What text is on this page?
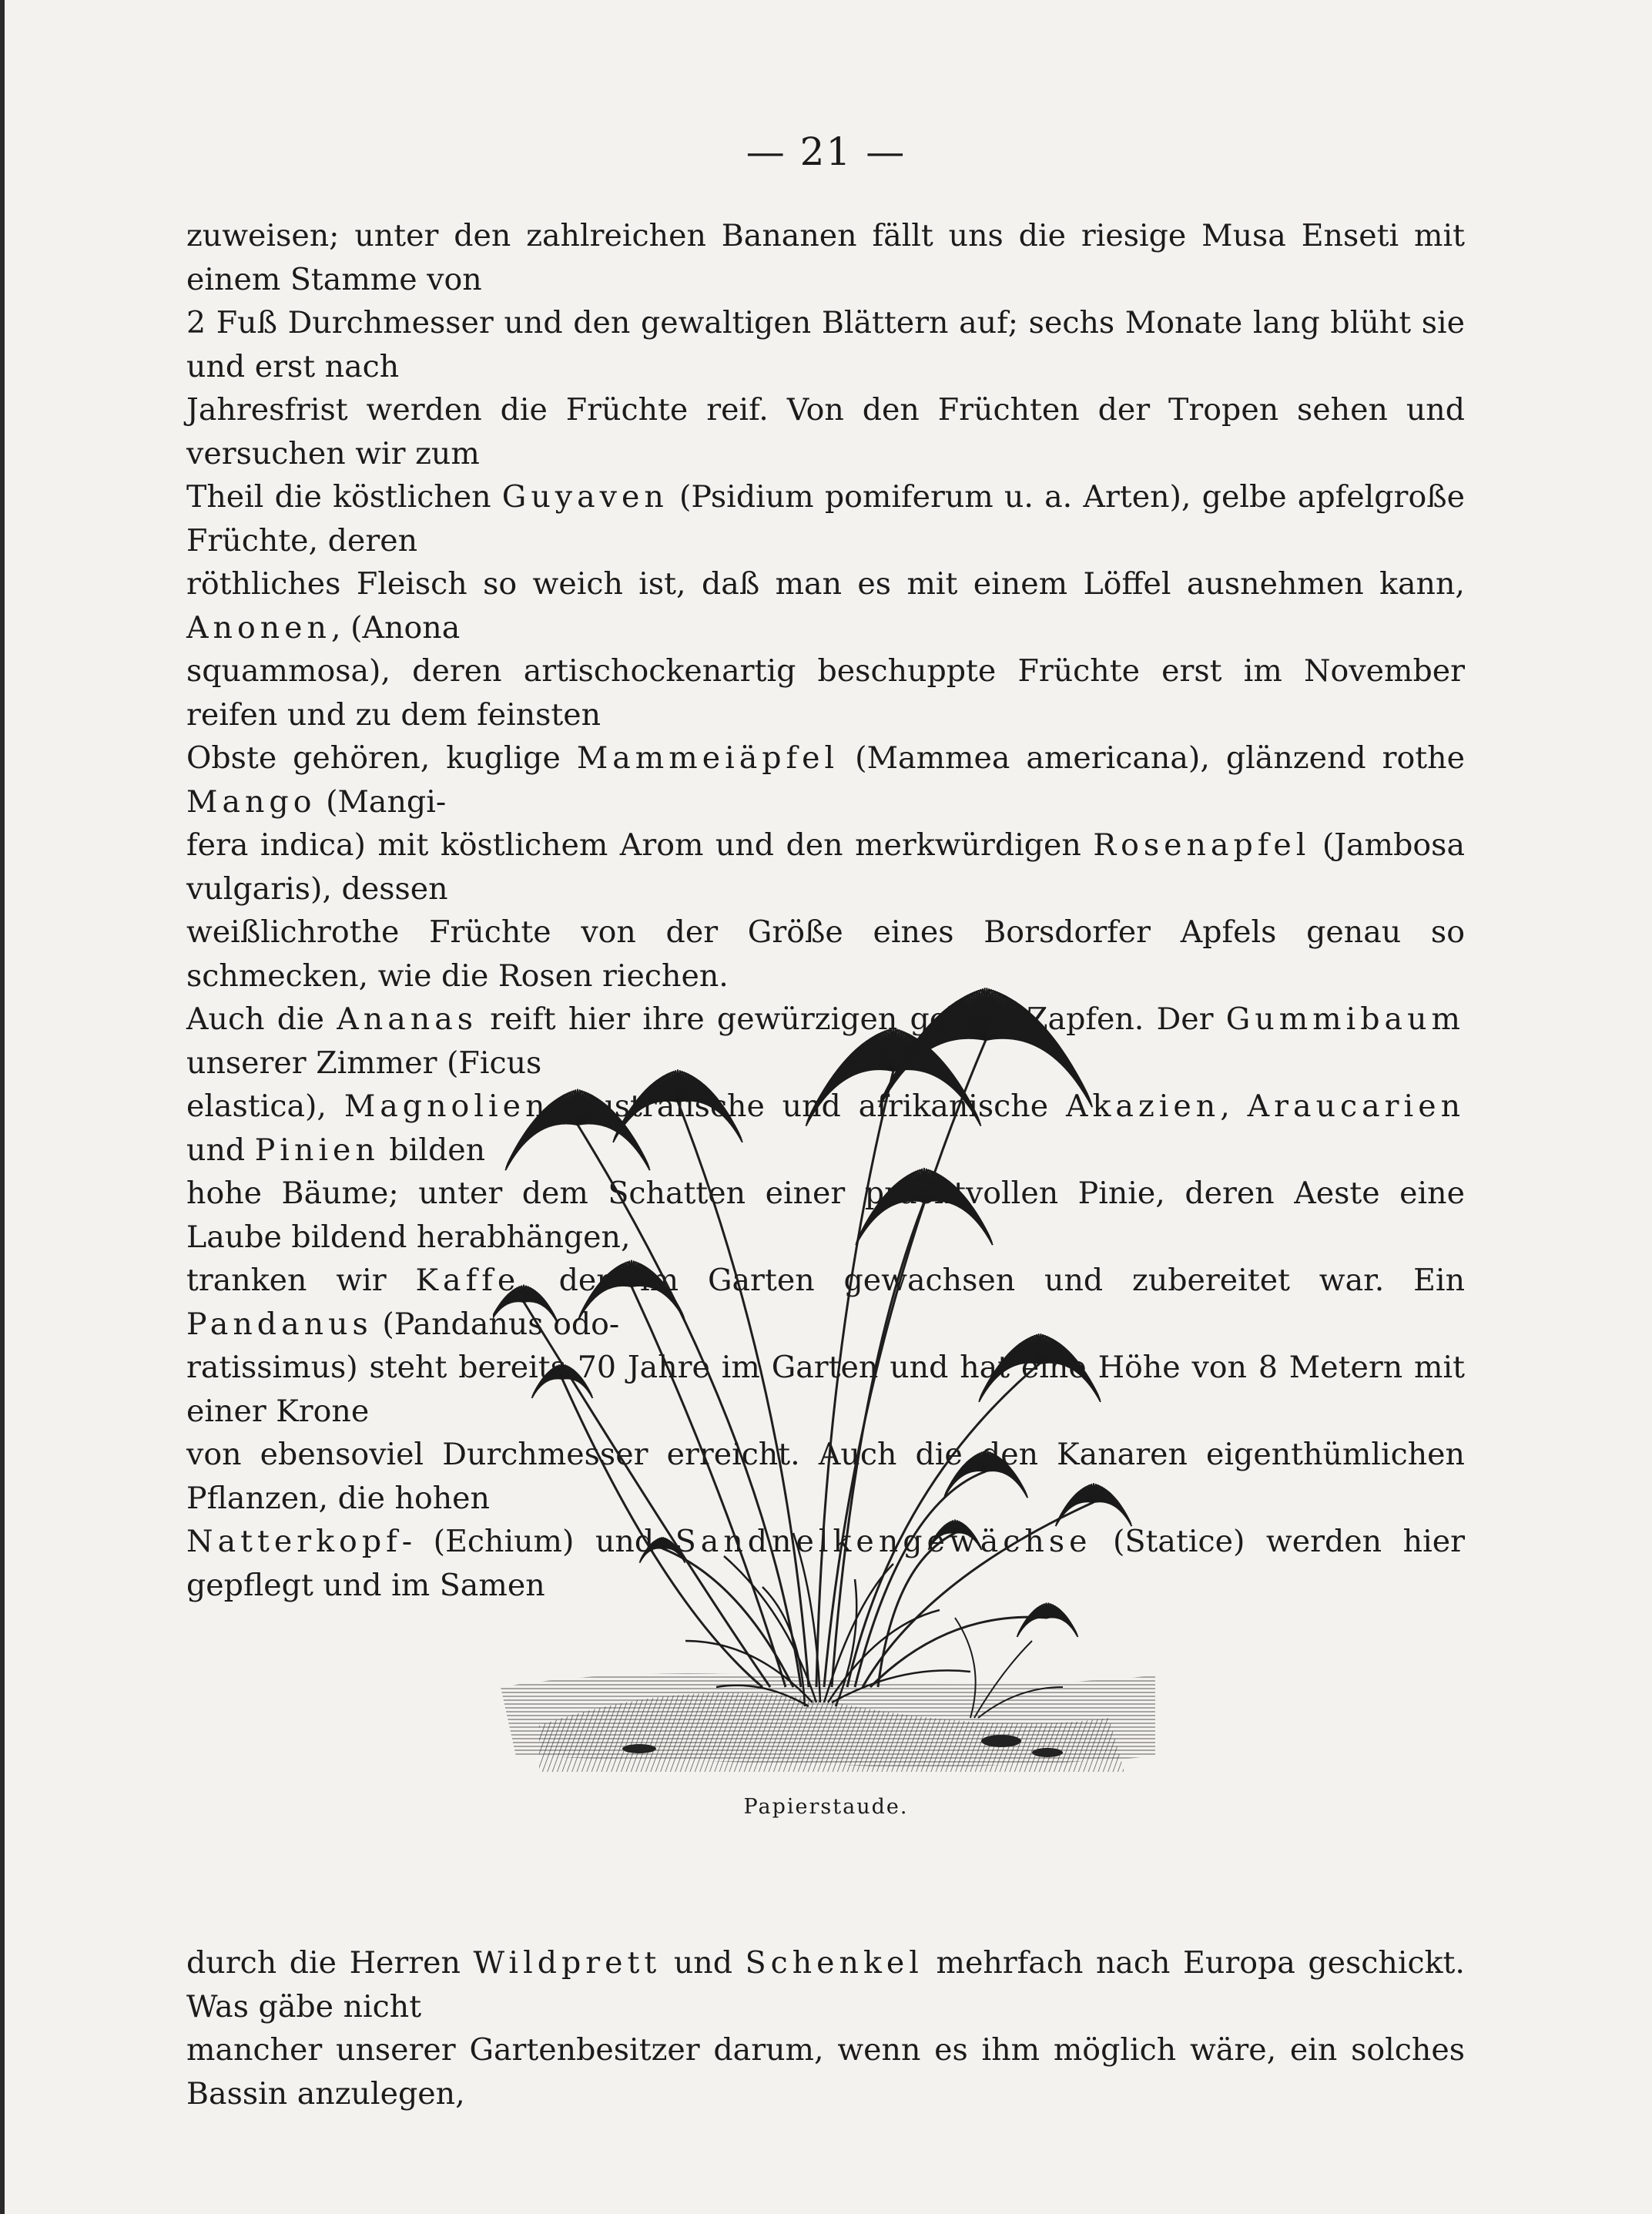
— 21 —

zuweisen; unter den zahlreichen Bananen fällt uns die riesige Musa Enseti mit einem Stamme von

2 Fuß Durchmesser und den gewaltigen Blättern auf; sechs Monate lang blüht sie und erst nach

Jahresfrist werden die Früchte reif. Von den Früchten der Tropen sehen und versuchen wir zum

Theil die köstlichen Guyaven (Psidium pomiferum u. a. Arten), gelbe apfelgroße Früchte, deren

röthliches Fleisch so weich ist, daß man es mit einem Löffel ausnehmen kann, Anonen, (Anona

squammosa), deren artischockenartig beschuppte Früchte erst im November reifen und zu dem feinsten

Obste gehören, kuglige Mammeiäpfel (Mammea americana), glänzend rothe Mango (Mangi-

fera indica) mit köstlichem Arom und den merkwürdigen Rosenapfel (Jambosa vulgaris), dessen

weißlichrothe Früchte von der Größe eines Borsdorfer Apfels genau so schmecken, wie die Rosen riechen.

Auch die Ananas reift hier ihre gewürzigen gelben Zapfen. Der Gummibaum unserer Zimmer (Ficus

elastica), Magnolien, australische und afrikanische Akazien, Araucarien und Pinien bilden

hohe Bäume; unter dem Schatten einer prachtvollen Pinie, deren Aeste eine Laube bildend herabhängen,

tranken wir Kaffe, der im Garten gewachsen und zubereitet war. Ein Pandanus (Pandanus odo-

ratissimus) steht bereits 70 Jahre im Garten und hat eine Höhe von 8 Metern mit einer Krone

von ebensoviel Durchmesser erreicht. Auch die den Kanaren eigenthümlichen Pflanzen, die hohen

Natterkopf- (Echium) und Sandnelkengewächse (Statice) werden hier gepflegt und im Samen

Papierstaude.

durch die Herren Wildprett und Schenkel mehrfach nach Europa geschickt. Was gäbe nicht

mancher unserer Gartenbesitzer darum, wenn es ihm möglich wäre, ein solches Bassin anzulegen,
